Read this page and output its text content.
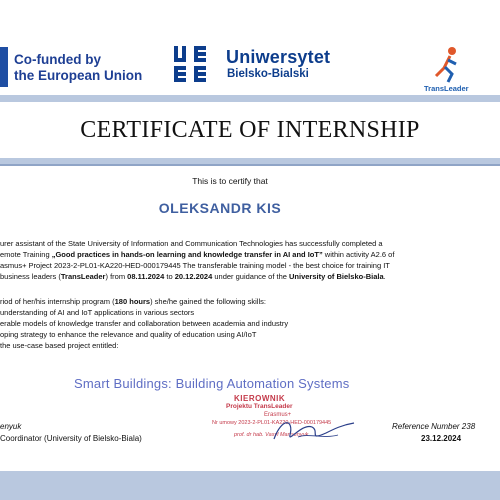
Co-funded by
the European Union
Uniwersytet
Bielsko-Bialski
TransLeader
CERTIFICATE OF INTERNSHIP
This is to certify that
OLEKSANDR KIS
urer assistant of the State University of Information and Communication Technologies has successfully completed a
emote Training „Good practices in hands-on learning and knowledge transfer in AI and IoT” within activity A2.6 of
asmus+ Project 2023-2-PL01-KA220-HED-000179445 The transferable training model - the best choice for training IT
business leaders (TransLeader) from 08.11.2024 to 20.12.2024 under guidance of the University of Bielsko-Biala.
riod of her/his internship program (180 hours) she/he gained the following skills:
understanding of AI and IoT applications in various sectors
erable models of knowledge transfer and collaboration between academia and industry
oping strategy to enhance the relevance and quality of education using AI/IoT
the use-case based project entitled:
Smart Buildings: Building Automation Systems
KIEROWNIK
Projektu TransLeader
Erasmus+
Nr umowy 2023-2-PL01-KA220-HED-000179445
prof. dr hab. Vasyl Martsenyuk
enyuk
Coordinator (University of Bielsko-Biala)
Reference Number 238
23.12.2024
